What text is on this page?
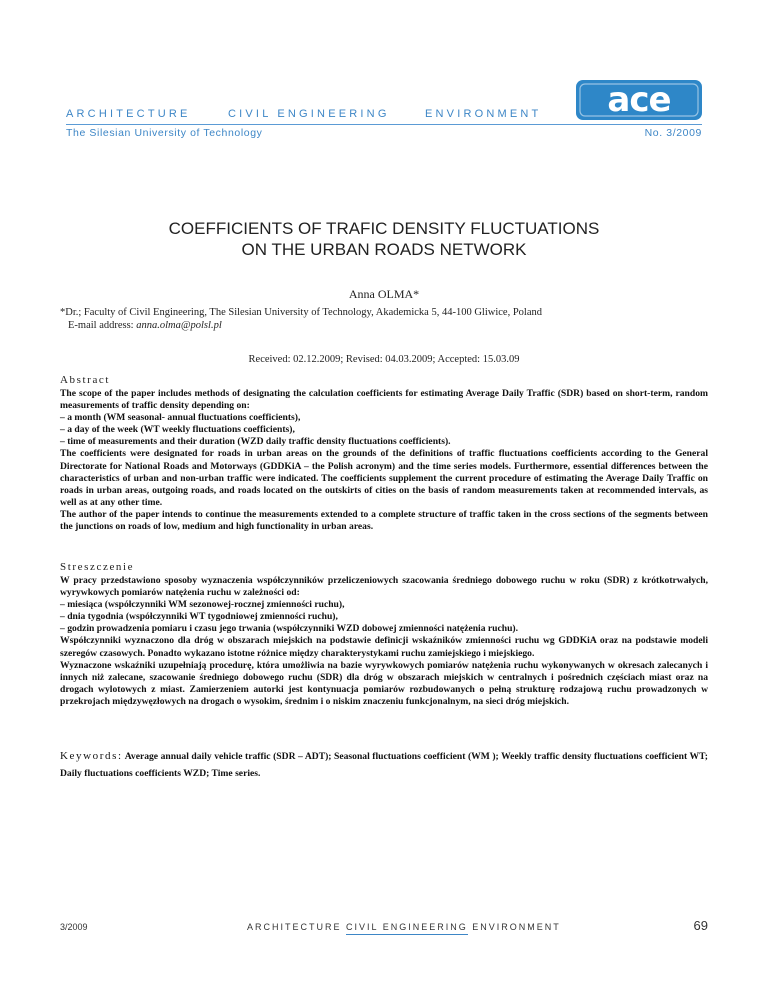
ARCHITECTURE	CIVIL ENGINEERING	ENVIRONMENT
The Silesian University of Technology	No. 3/2009
ace
COEFFICIENTS OF TRAFIC DENSITY FLUCTUATIONS
ON THE URBAN ROADS NETWORK
Anna OLMA*
*Dr.; Faculty of Civil Engineering, The Silesian University of Technology, Akademicka 5, 44-100 Gliwice, Poland
E-mail address: anna.olma@polsl.pl
Received: 02.12.2009; Revised: 04.03.2009; Accepted: 15.03.09
Abstract
The scope of the paper includes methods of designating the calculation coefficients for estimating Average Daily Traffic (SDR) based on short-term, random measurements of traffic density depending on:
– a month (WM seasonal- annual fluctuations coefficients),
– a day of the week (WT weekly fluctuations coefficients),
– time of measurements and their duration (WZD daily traffic density fluctuations coefficients).
The coefficients were designated for roads in urban areas on the grounds of the definitions of traffic fluctuations coefficients according to the General Directorate for National Roads and Motorways (GDDKiA – the Polish acronym) and the time series models. Furthermore, essential differences between the characteristics of urban and non-urban traffic were indicated. The coefficients supplement the current procedure of estimating the Average Daily Traffic on roads in urban areas, outgoing roads, and roads located on the outskirts of cities on the basis of random measurements taken at recommended intervals, as well as at any other time.
The author of the paper intends to continue the measurements extended to a complete structure of traffic taken in the cross sections of the segments between the junctions on roads of low, medium and high functionality in urban areas.
Streszczenie
W pracy przedstawiono sposoby wyznaczenia współczynników przeliczeniowych szacowania średniego dobowego ruchu w roku (SDR) z krótkotrwałych, wyrywkowych pomiarów natężenia ruchu w zależności od:
– miesiąca (współczynniki WM sezonowej-rocznej zmienności ruchu),
– dnia tygodnia (współczynniki WT tygodniowej zmienności ruchu),
– godzin prowadzenia pomiaru i czasu jego trwania (współczynniki WZD dobowej zmienności natężenia ruchu).
Współczynniki wyznaczono dla dróg w obszarach miejskich na podstawie definicji wskaźników zmienności ruchu wg GDDKiA oraz na podstawie modeli szeregów czasowych. Ponadto wykazano istotne różnice między charakterystykami ruchu zamiejskiego i miejskiego.
Wyznaczone wskaźniki uzupełniają procedurę, która umożliwia na bazie wyrywkowych pomiarów natężenia ruchu wykonywanych w okresach zalecanych i innych niż zalecane, szacowanie średniego dobowego ruchu (SDR) dla dróg w obszarach miejskich w centralnych i pośrednich częściach miast oraz na drogach wylotowych z miast. Zamierzeniem autorki jest kontynuacja pomiarów rozbudowanych o pełną strukturę rodzajową ruchu prowadzonych w przekrojach międzywęzłowych na drogach o wysokim, średnim i o niskim znaczeniu funkcjonalnym, na sieci dróg miejskich.
Keywords: Average annual daily vehicle traffic (SDR – ADT); Seasonal fluctuations coefficient (WM ); Weekly traffic density fluctuations coefficient WT; Daily fluctuations coefficients WZD; Time series.
3/2009	ARCHITECTURE CIVIL ENGINEERING ENVIRONMENT	69
